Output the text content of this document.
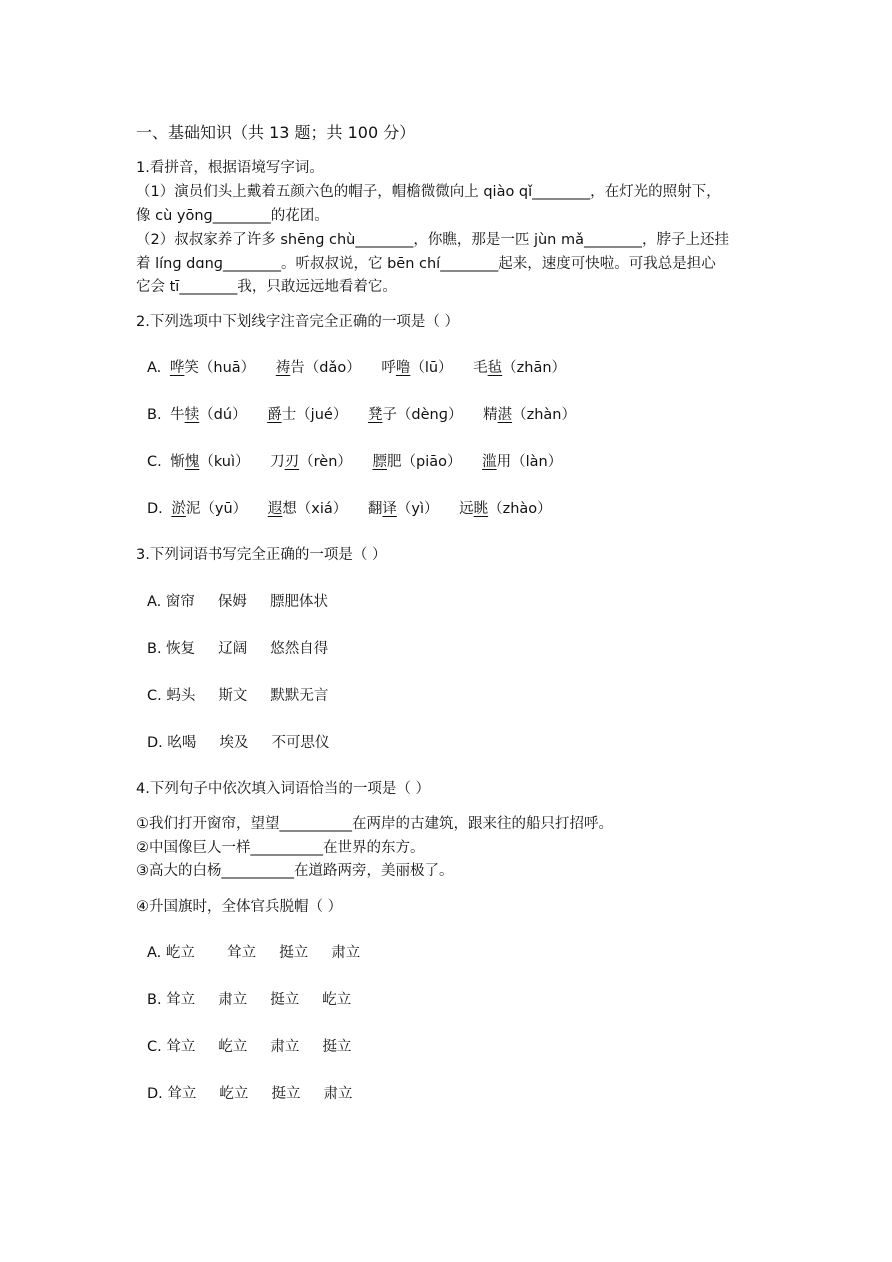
一、基础知识（共 13 题；共 100 分）
1.看拼音，根据语境写字词。
（1）演员们头上戴着五颜六色的帽子，帽檐微微向上 qiào qǐ________，在灯光的照射下，
像 cù yōnɡ________的花团。
（2）叔叔家养了许多 shēnɡ chù________，你瞧，那是一匹 jùn mǎ________，脖子上还挂
着 línɡ dɑnɡ________。听叔叔说，它 bēn chí________起来，速度可快啦。可我总是担心
它会 tī________我，只敢远远地看着它。
2.下列选项中下划线字注音完全正确的一项是（ ）
A. 哗笑（huā） 祷告（dǎo） 呼噜（lū） 毛毡（zhān）
B. 牛犊（dú） 爵士（jué） 凳子（dènɡ） 精湛（zhàn）
C. 惭愧（kuì） 刀刃（rèn） 膘肥（piāo） 滥用（làn）
D. 淤泥（yū） 遐想（xiá） 翻译（yì） 远眺（zhào）
3.下列词语书写完全正确的一项是（ ）
A. 窗帘     保姆     膘肥体状
B. 恢复     辽阔     悠然自得
C. 蚂头     斯文     默默无言
D. 吆喝     埃及     不可思仪
4.下列句子中依次填入词语恰当的一项是（ ）
①我们打开窗帘，望望__________在两岸的古建筑，跟来往的船只打招呼。
②中国像巨人一样__________在世界的东方。
③高大的白杨__________在道路两旁，美丽极了。
④升国旗时，全体官兵脱帽（ ）
A. 屹立       耸立     挺立     肃立
B. 耸立     肃立     挺立     屹立
C. 耸立     屹立     肃立     挺立
D. 耸立     屹立     挺立     肃立
